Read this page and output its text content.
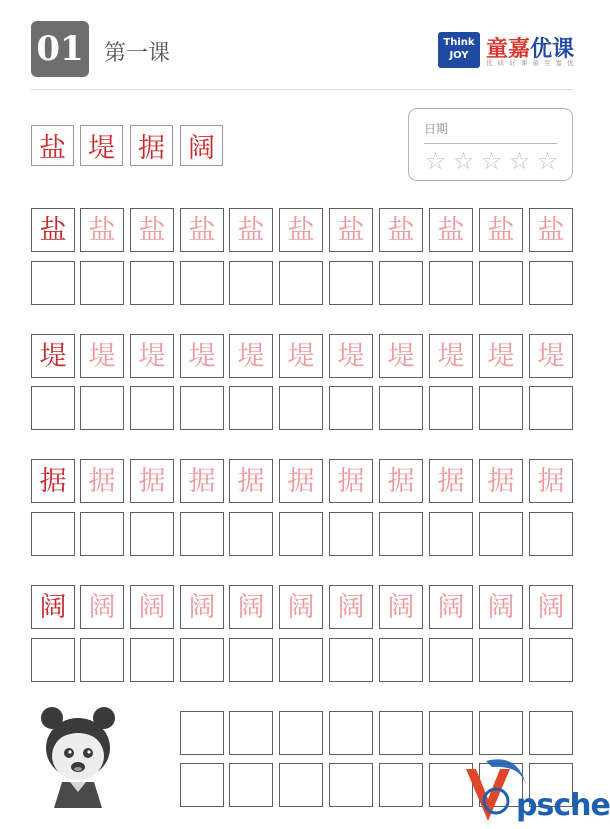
01 第一课	Think
JOY 童嘉优课
优 质 好 课 童 至 嘉 优
盐 堤 据 阔
日期
☆ ☆ ☆ ☆ ☆
盐 盐 盐 盐 盐 盐 盐 盐 盐 盐 盐
堤 堤 堤 堤 堤 堤 堤 堤 堤 堤 堤
据 据 据 据 据 据 据 据 据 据 据
阔 阔 阔 阔 阔 阔 阔 阔 阔 阔 阔
psche
